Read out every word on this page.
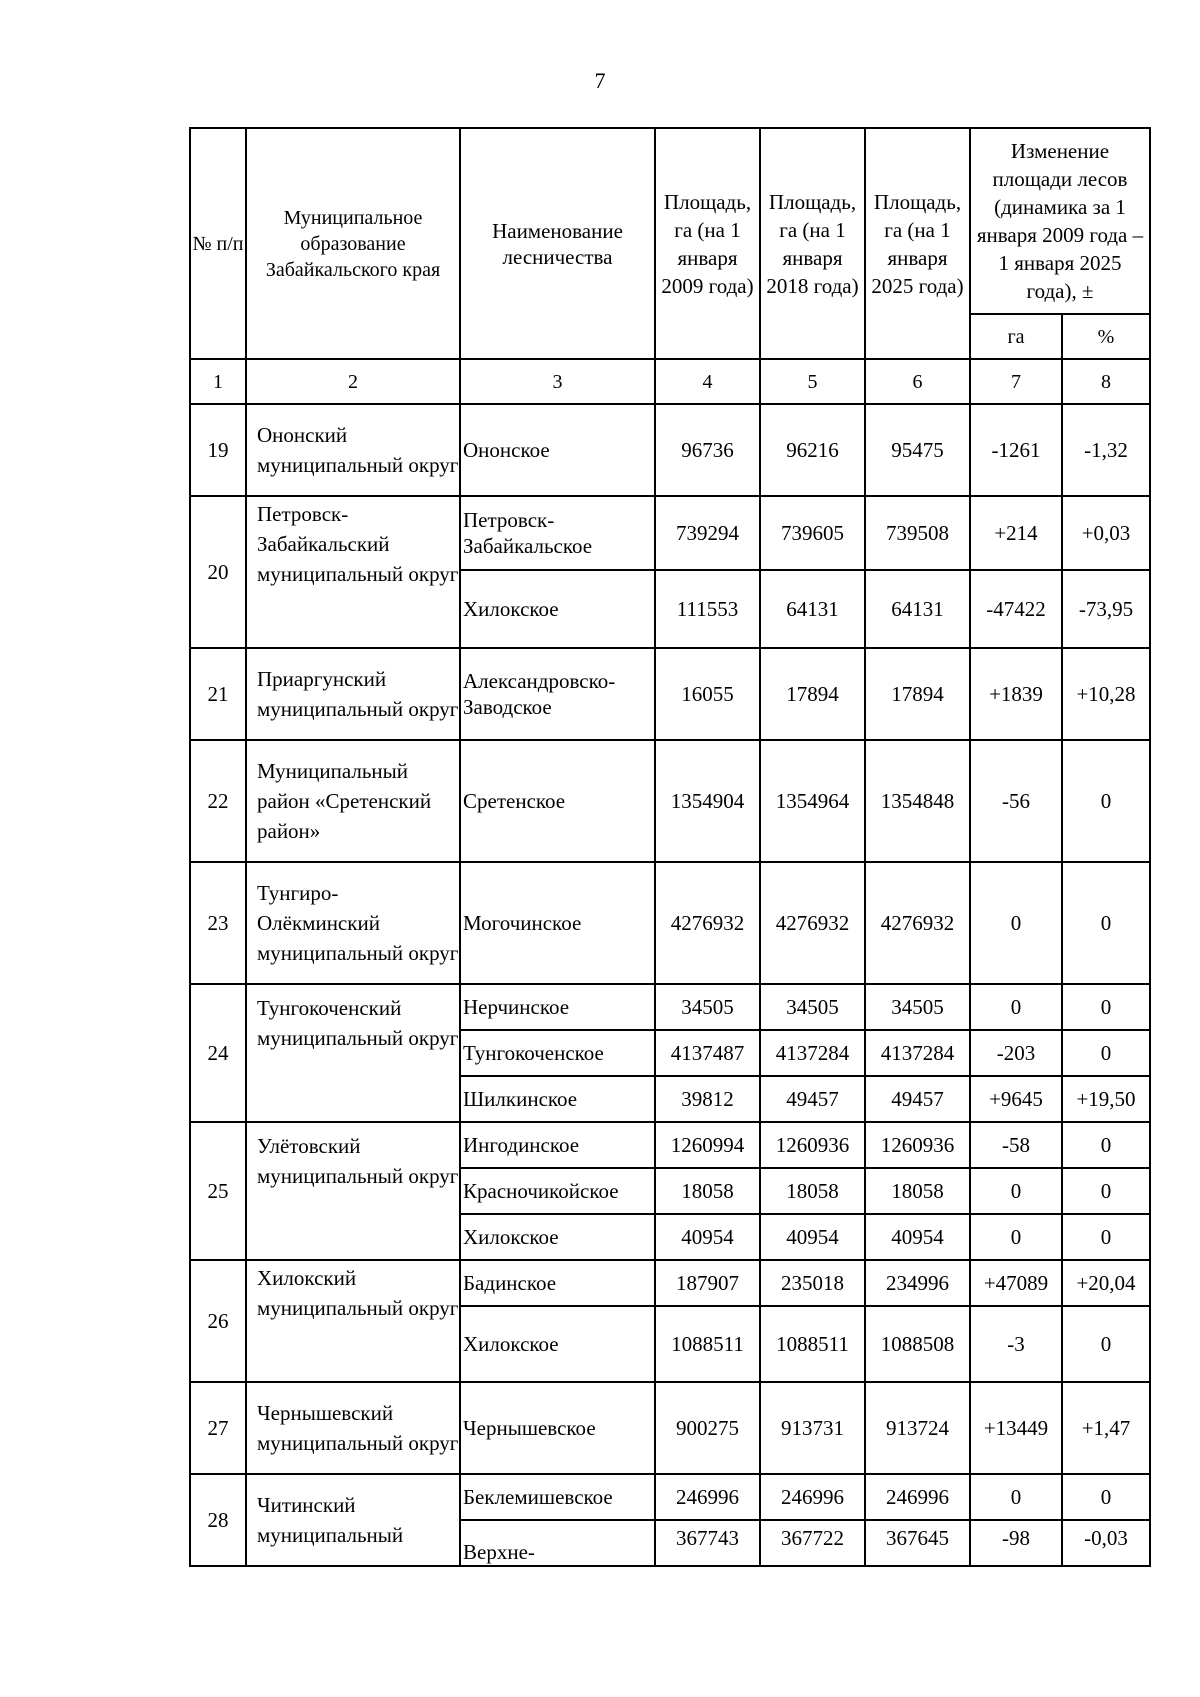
7
№ п/п	Муниципальное образование Забайкальского края	Наименование лесничества	Площадь, га (на 1 января 2009 года)	Площадь, га (на 1 января 2018 года)	Площадь, га (на 1 января 2025 года)	Изменение площади лесов (динамика за 1 января 2009 года – 1 января 2025 года), ±	
						га	%
1	2	3	4	5	6	7	8
19	Ононский муниципальный округ	Ононское	96736	96216	95475	-1261	-1,32
20	Петровск-Забайкальский муниципальный округ	Петровск-Забайкальское	739294	739605	739508	+214	+0,03
		Хилокское	111553	64131	64131	-47422	-73,95
21	Приаргунский муниципальный округ	Александровско-Заводское	16055	17894	17894	+1839	+10,28
22	Муниципальный район «Сретенский район»	Сретенское	1354904	1354964	1354848	-56	0
23	Тунгиро-Олёкминский муниципальный округ	Могочинское	4276932	4276932	4276932	0	0
24	Тунгокоченский муниципальный округ	Нерчинское	34505	34505	34505	0	0
		Тунгокоченское	4137487	4137284	4137284	-203	0
		Шилкинское	39812	49457	49457	+9645	+19,50
25	Улётовский муниципальный округ	Ингодинское	1260994	1260936	1260936	-58	0
		Красночикойское	18058	18058	18058	0	0
		Хилокское	40954	40954	40954	0	0
26	Хилокский муниципальный округ	Бадинское	187907	235018	234996	+47089	+20,04
		Хилокское	1088511	1088511	1088508	-3	0
27	Чернышевский муниципальный округ	Чернышевское	900275	913731	913724	+13449	+1,47
28	Читинский муниципальный	Беклемишевское	246996	246996	246996	0	0
		Верхне-	367743	367722	367645	-98	-0,03
